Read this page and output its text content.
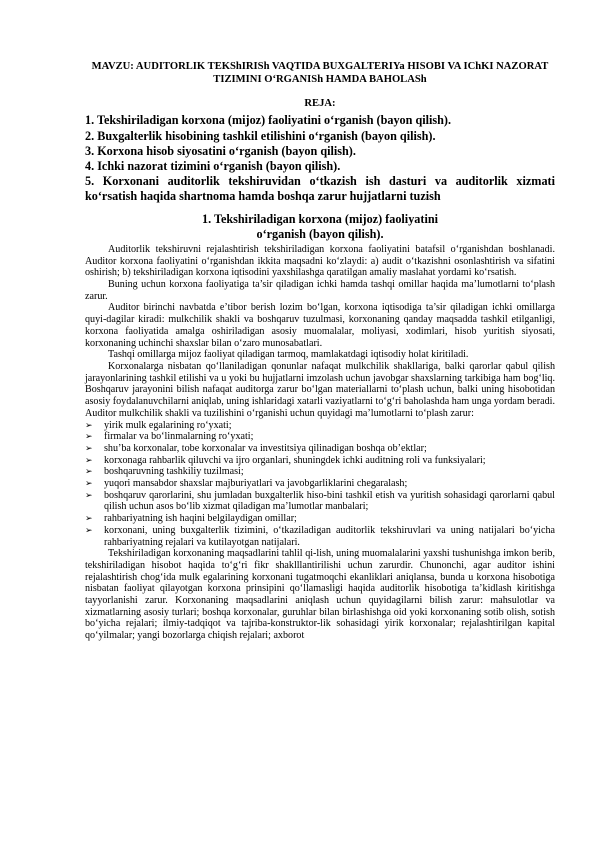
MAVZU: AUDITORLIK TEKShIRISh VAQTIDA BUXGALTERIYa HISOBI VA IChKI NAZORAT TIZIMINI O‘RGANISh HAMDA BAHOLASh

REJA:

1. Tekshiriladigan korxona (mijoz) faoliyatini o‘rganish (bayon qilish).

2. Buxgalterlik hisobining tashkil etilishini o‘rganish (bayon qilish).

3. Korxona hisob siyosatini o‘rganish (bayon qilish).

4. Ichki nazorat tizimini o‘rganish (bayon qilish).

5. Korxonani auditorlik tekshiruvidan o‘tkazish ish dasturi va auditorlik xizmati ko‘rsatish haqida shartnoma hamda boshqa zarur hujjatlarni tuzish

1. Tekshiriladigan korxona (mijoz) faoliyatini
o‘rganish (bayon qilish).

Auditorlik tekshiruvni rejalashtirish tekshiriladigan korxona faoliyatini batafsil o‘rganishdan boshlanadi. Auditor korxona faoliyatini o‘rganishdan ikkita maqsadni ko‘zlaydi: a) audit o‘tkazishni osonlashtirish va sifatini oshirish; b) tekshiriladigan korxona iqtisodini yaxshilashga qaratilgan amaliy maslahat yordami ko‘rsatish.

Buning uchun korxona faoliyatiga ta’sir qiladigan ichki hamda tashqi omillar haqida ma’lumotlarni to‘plash zarur.

Auditor birinchi navbatda e’tibor berish lozim bo‘lgan, korxona iqtisodiga ta’sir qiladigan ichki omillarga quyi-dagilar kiradi: mulkchilik shakli va boshqaruv tuzulmasi, korxonaning qanday maqsadda tashkil etilganligi, korxona faoliyatida amalga oshiriladigan asosiy muomalalar, moliyasi, xodimlari, hisob yuritish siyosati, korxonaning uchinchi shaxslar bilan o‘zaro munosabatlari.

Tashqi omillarga mijoz faoliyat qiladigan tarmoq, mamlakatdagi iqtisodiy holat kiritiladi.

Korxonalarga nisbatan qo‘llaniladigan qonunlar nafaqat mulkchilik shakllariga, balki qarorlar qabul qilish jarayonlarining tashkil etilishi va u yoki bu hujjatlarni imzolash uchun javobgar shaxslarning tarkibiga ham bog‘liq. Boshqaruv jarayonini bilish nafaqat auditorga zarur bo‘lgan materiallarni to‘plash uchun, balki uning hisobotidan asosiy foydalanuvchilarni aniqlab, uning ishlaridagi xatarli vaziyatlarni to‘g‘ri baholashda ham unga yordam beradi. Auditor mulkchilik shakli va tuzilishini o‘rganishi uchun quyidagi ma’lumotlarni to‘plash zarur:

➢ yirik mulk egalarining ro‘yxati;
➢ firmalar va bo‘linmalarning ro‘yxati;
➢ shu’ba korxonalar, tobe korxonalar va investitsiya qilinadigan boshqa ob’ektlar;
➢ korxonaga rahbarlik qiluvchi va ijro organlari, shuningdek ichki auditning roli va funksiyalari;
➢ boshqaruvning tashkiliy tuzilmasi;
➢ yuqori mansabdor shaxslar majburiyatlari va javobgarliklarini chegaralash;
➢ boshqaruv qarorlarini, shu jumladan buxgalterlik hiso-bini tashkil etish va yuritish sohasidagi qarorlarni qabul qilish uchun asos bo‘lib xizmat qiladigan ma’lumotlar manbalari;
➢ rahbariyatning ish haqini belgilaydigan omillar;
➢ korxonani, uning buxgalterlik tizimini, o‘tkaziladigan auditorlik tekshiruvlari va uning natijalari bo‘yicha rahbariyatning rejalari va kutilayotgan natijalari.

Tekshiriladigan korxonaning maqsadlarini tahlil qi-lish, uning muomalalarini yaxshi tushunishga imkon berib, tekshiriladigan hisobot haqida to‘g‘ri fikr shaklllantirilishi uchun zarurdir. Chunonchi, agar auditor ishini rejalashtirish chog‘ida mulk egalarining korxonani tugatmoqchi ekanliklari aniqlansa, bunda u korxona hisobotiga nisbatan faoliyat qilayotgan korxona prinsipini qo‘llamasligi haqida auditorlik hisobotiga ta’kidlash kiritishga tayyorlanishi zarur. Korxonaning maqsadlarini aniqlash uchun quyidagilarni bilish zarur: mahsulotlar va xizmatlarning asosiy turlari; boshqa korxonalar, guruhlar bilan birlashishga oid yoki korxonaning sotib olish, sotish bo‘yicha rejalari; ilmiy-tadqiqot va tajriba-konstruktor-lik sohasidagi yirik korxonalar; rejalashtirilgan kapital qo‘yilmalar; yangi bozorlarga chiqish rejalari; axborot
